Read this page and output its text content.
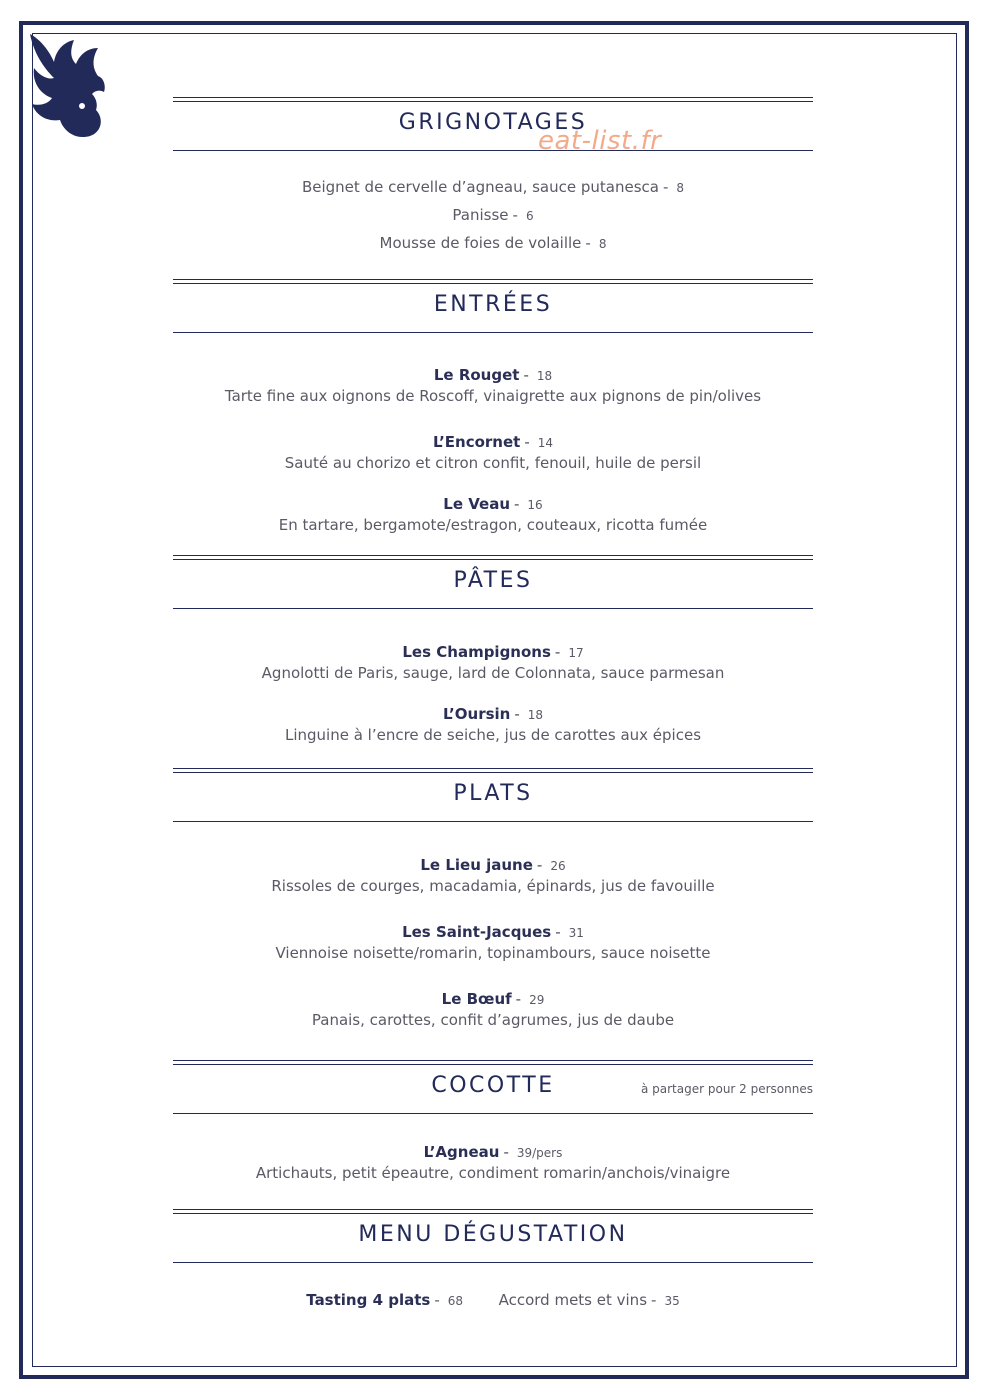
eat-list.fr
GRIGNOTAGES
Beignet de cervelle d’agneau, sauce putanesca - 8
Panisse - 6
Mousse de foies de volaille - 8
ENTRÉES
Le Rouget - 18
Tarte fine aux oignons de Roscoff, vinaigrette aux pignons de pin/olives
L’Encornet - 14
Sauté au chorizo et citron confit, fenouil, huile de persil
Le Veau - 16
En tartare, bergamote/estragon, couteaux, ricotta fumée
PÂTES
Les Champignons - 17
Agnolotti de Paris, sauge, lard de Colonnata, sauce parmesan
L’Oursin - 18
Linguine à l’encre de seiche, jus de carottes aux épices
PLATS
Le Lieu jaune - 26
Rissoles de courges, macadamia, épinards, jus de favouille
Les Saint-Jacques - 31
Viennoise noisette/romarin, topinambours, sauce noisette
Le Bœuf - 29
Panais, carottes, confit d’agrumes, jus de daube
COCOTTE	à partager pour 2 personnes
L’Agneau - 39/pers
Artichauts, petit épeautre, condiment romarin/anchois/vinaigre
MENU DÉGUSTATION
Tasting 4 plats - 68 Accord mets et vins - 35
